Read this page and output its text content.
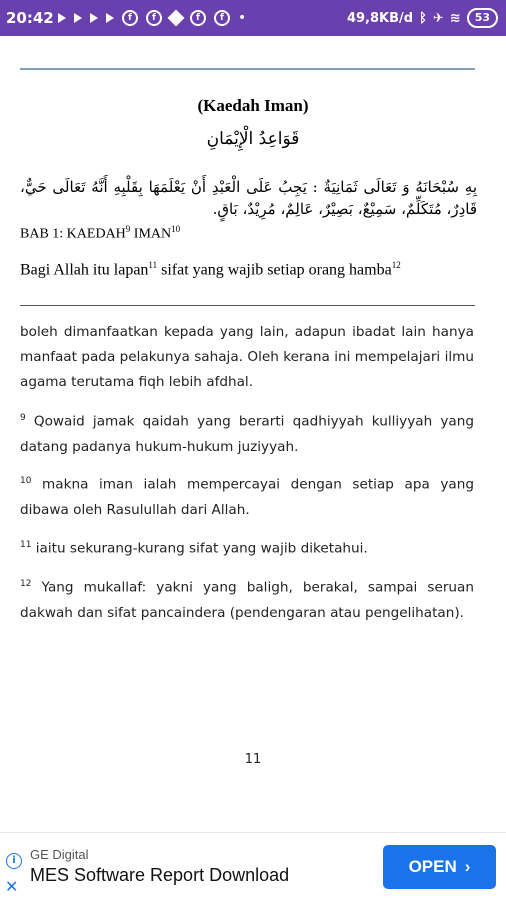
20:42	f	f	f	f	•	49,8KB/d ᛒ ✈ ≋	53
(Kaedah Iman)
قَوَاعِدُ الْإِيْمَانِ
بِهِ سُبْحَانَهُ وَ تَعَالَى ثَمَانِيَةٌ : يَجِبُ عَلَى الْعَبْدِ أَنْ يَعْلَمَهَا بِقَلْبِهِ أَنَّهُ تَعَالَى حَيٌّ، قَادِرٌ، مُتَكَلِّمٌ، سَمِيْعٌ، بَصِيْرٌ، عَالِمٌ، مُرِيْدٌ، بَاقٍ.
BAB 1: KAEDAH$^9$ IMAN$^{10}$
Bagi Allah itu lapan$^{11}$ sifat yang wajib setiap orang hamba$^{12}$
boleh dimanfaatkan kepada yang lain, adapun ibadat lain hanya manfaat pada pelakunya sahaja. Oleh kerana ini mempelajari ilmu agama terutama fiqh lebih afdhal.
$^9$ Qowaid jamak qaidah yang berarti qadhiyyah kulliyyah yang datang padanya hukum-hukum juziyyah.
$^{10}$ makna iman ialah mempercayai dengan setiap apa yang dibawa oleh Rasulullah dari Allah.
$^{11}$ iaitu sekurang-kurang sifat yang wajib diketahui.
$^{12}$ Yang mukallaf: yakni yang baligh, berakal, sampai seruan dakwah dan sifat pancaindera (pendengaran atau pengelihatan).
11
i
✕
GE Digital
MES Software Report Download	OPEN ›
